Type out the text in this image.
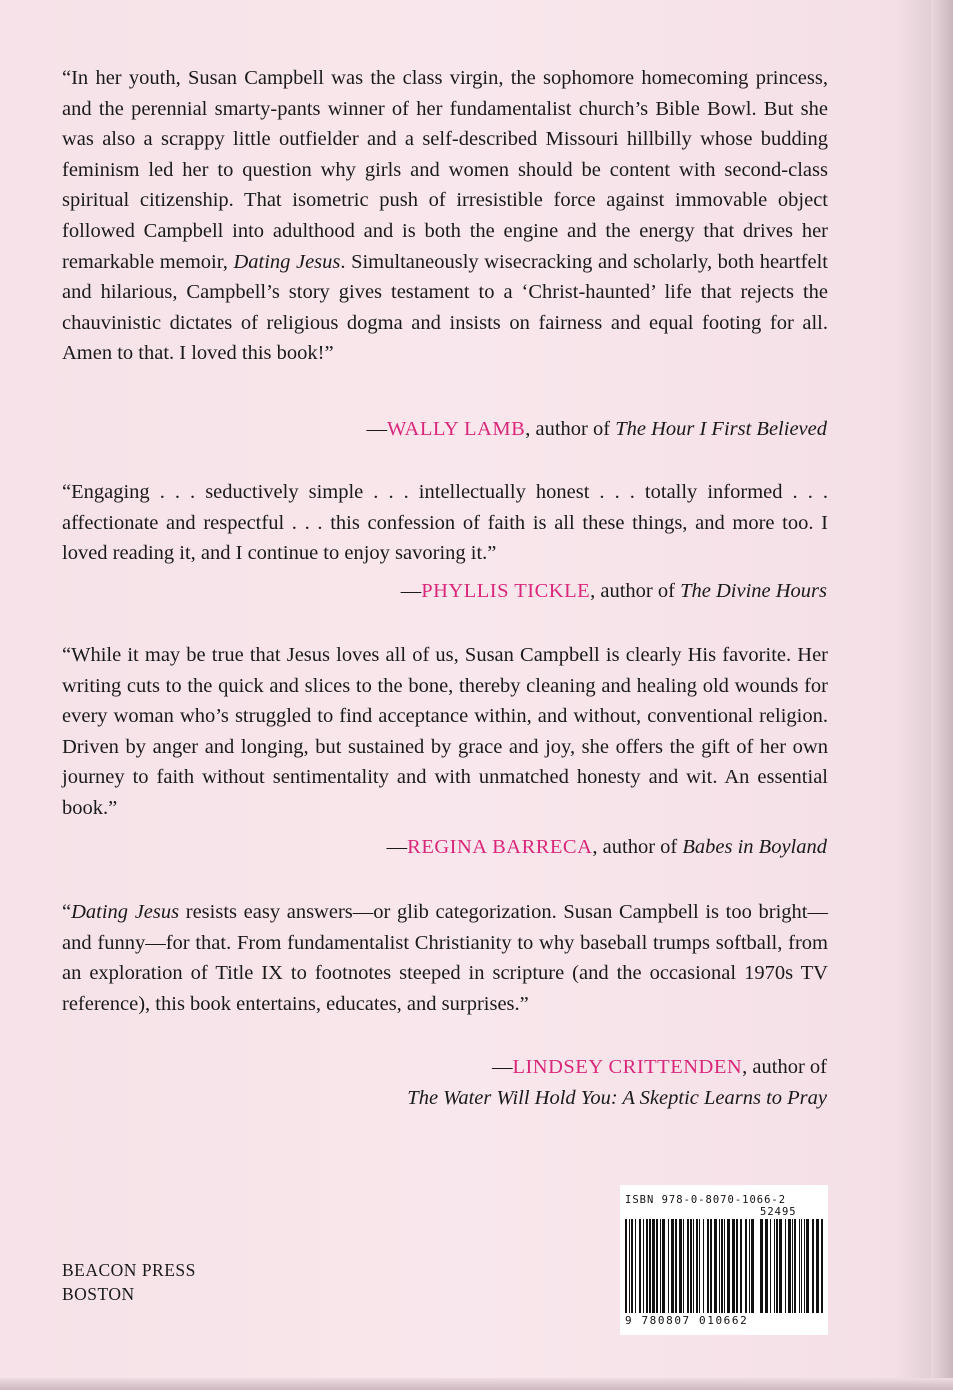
“In her youth, Susan Campbell was the class virgin, the sophomore homecoming princess, and the perennial smarty-pants winner of her fundamentalist church’s Bible Bowl. But she was also a scrappy little outfielder and a self-described Missouri hillbilly whose budding feminism led her to question why girls and women should be content with second-class spiritual citizenship. That isometric push of irresistible force against immovable object followed Campbell into adulthood and is both the engine and the energy that drives her remarkable memoir, Dating Jesus. Simultaneously wisecracking and scholarly, both heartfelt and hilarious, Campbell’s story gives testament to a ‘Christ-haunted’ life that rejects the chauvinistic dictates of religious dogma and insists on fairness and equal footing for all. Amen to that. I loved this book!”

—WALLY LAMB, author of The Hour I First Believed

“Engaging . . . seductively simple . . . intellectually honest . . . totally informed . . . affectionate and respectful . . . this confession of faith is all these things, and more too. I loved reading it, and I continue to enjoy savoring it.”

—PHYLLIS TICKLE, author of The Divine Hours

“While it may be true that Jesus loves all of us, Susan Campbell is clearly His favorite. Her writing cuts to the quick and slices to the bone, thereby cleaning and healing old wounds for every woman who’s struggled to find acceptance within, and without, conventional religion. Driven by anger and longing, but sustained by grace and joy, she offers the gift of her own journey to faith without sentimentality and with unmatched honesty and wit. An essential book.”

—REGINA BARRECA, author of Babes in Boyland

“Dating Jesus resists easy answers—or glib categorization. Susan Campbell is too bright—and funny—for that. From fundamentalist Christianity to why baseball trumps softball, from an exploration of Title IX to footnotes steeped in scripture (and the occasional 1970s TV reference), this book entertains, educates, and surprises.”

—LINDSEY CRITTENDEN, author of
The Water Will Hold You: A Skeptic Learns to Pray
BEACON PRESS
BOSTON
ISBN 978-0-8070-1066-2
52495
9 780807 010662
